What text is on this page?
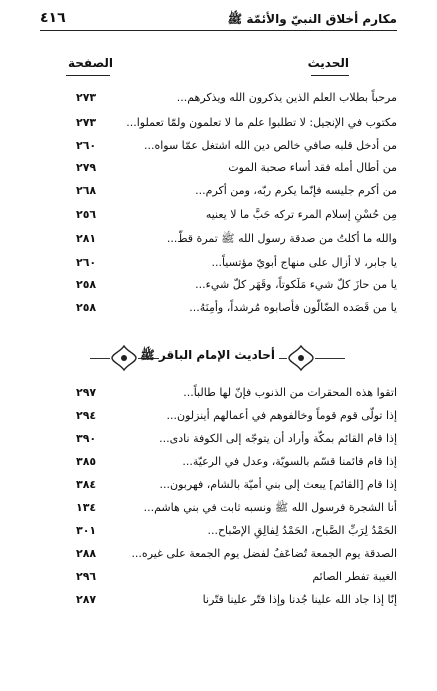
مكارم أخلاق النبيّ والأئمّة ﷺ
٤١٦
الحديث
الصفحة
مرحباً بطلاب العلم الذين يذكرون الله ويذكرهم...
٢٧٣
مكتوب في الإنجيل: لا تطلبوا علم ما لا تعلمون ولمّا تعملوا...
٢٧٣
من أدخل قلبه صافي خالص دين الله اشتغل عمّا سواه...
٢٦٠
من أطال أمله فقد أساء صحبة الموت
٢٧٩
من أكرم جليسه فإنّما يكرم ربّه، ومن أكرم...
٢٦٨
مِن حُسْنِ إسلام المرء تركه حَبَّ ما لا يعنيه
٢٥٦
والله ما أكلتُ من صدقة رسول الله ﷺ تمرة قطّ...
٢٨١
يا جابر، لا أزال على منهاج أبويّ مؤتسياً...
٢٦٠
يا من حازَ كلّ شيء مَلَكوتاً، وقَهَر كلّ شيء...
٢٥٨
يا من قَصَده الضّالّون فأصابوه مُرشداً، وأمِنَهُ...
٢٥٨
أحاديث الإمام الباقر ﷺ
اتقوا هذه المحقرات من الذنوب فإنّ لها طالباً...
٢٩٧
إذا تولّى قوم قوماً وخالفوهم في أعمالهم أينزلون...
٢٩٤
إذا قام القائم بمكّة وأراد أن يتوجّه إلى الكوفة نادى...
٣٩٠
إذا قام قائمنا قسّم بالسويّة، وعدل في الرعيّة...
٣٨٥
إذا قام [القائم] يبعث إلى بني أميّة بالشام، فهربون...
٣٨٤
أنا الشجرة فرسول الله ﷺ ونسبه ثابت في بني هاشم...
١٣٤
الحَمْدُ لِرَبِّ الصَّباح، الحَمْدُ لِفالِقِ الإصْباح...
٣٠١
الصدقة يوم الجمعة تُضاعَفُ لفضل يوم الجمعة على غيره...
٢٨٨
الغيبة تفطر الصائم
٢٩٦
إنّا إذا جاد الله علينا جُدنا وإذا قتّر علينا قتّرنا
٢٨٧
